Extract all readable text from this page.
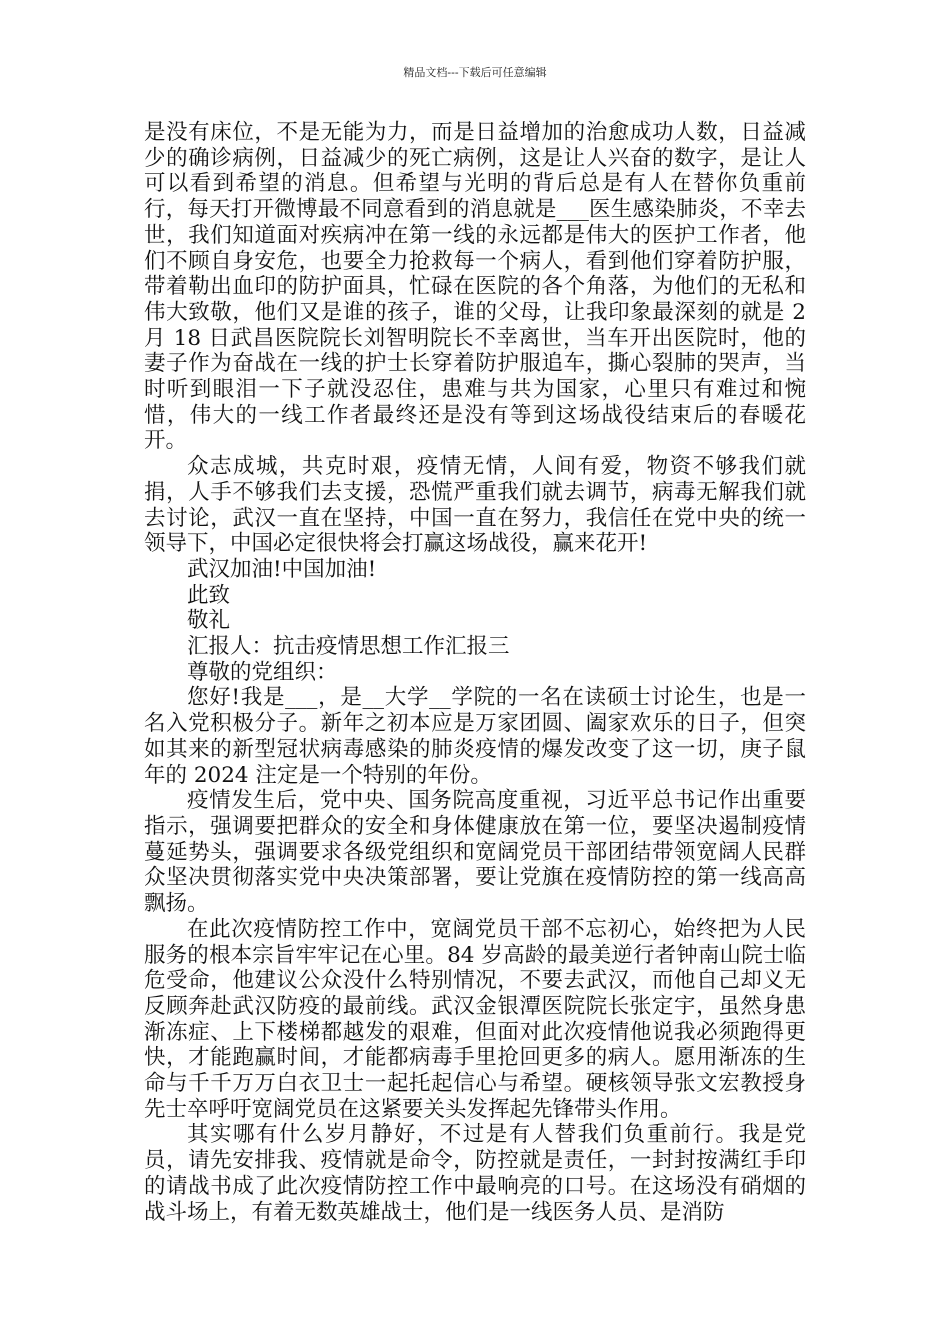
精品文档---下载后可任意编辑

是没有床位，不是无能为力，而是日益增加的治愈成功人数，日益减少的确诊病例，日益减少的死亡病例，这是让人兴奋的数字，是让人可以看到希望的消息。但希望与光明的背后总是有人在替你负重前行，每天打开微博最不同意看到的消息就是___医生感染肺炎，不幸去世，我们知道面对疾病冲在第一线的永远都是伟大的医护工作者，他们不顾自身安危，也要全力抢救每一个病人，看到他们穿着防护服，带着勒出血印的防护面具，忙碌在医院的各个角落，为他们的无私和伟大致敬，他们又是谁的孩子，谁的父母，让我印象最深刻的就是 2 月 18 日武昌医院院长刘智明院长不幸离世，当车开出医院时，他的妻子作为奋战在一线的护士长穿着防护服追车，撕心裂肺的哭声，当时听到眼泪一下子就没忍住，患难与共为国家，心里只有难过和惋惜，伟大的一线工作者最终还是没有等到这场战役结束后的春暖花开。

众志成城，共克时艰，疫情无情，人间有爱，物资不够我们就捐，人手不够我们去支援，恐慌严重我们就去调节，病毒无解我们就去讨论，武汉一直在坚持，中国一直在努力，我信任在党中央的统一领导下，中国必定很快将会打赢这场战役，赢来花开!

武汉加油!中国加油!

此致

敬礼

汇报人：抗击疫情思想工作汇报三

尊敬的党组织：

您好!我是___，是__大学__学院的一名在读硕士讨论生，也是一名入党积极分子。新年之初本应是万家团圆、阖家欢乐的日子，但突如其来的新型冠状病毒感染的肺炎疫情的爆发改变了这一切，庚子鼠年的 2024 注定是一个特别的年份。

疫情发生后，党中央、国务院高度重视，习近平总书记作出重要指示，强调要把群众的安全和身体健康放在第一位，要坚决遏制疫情蔓延势头，强调要求各级党组织和宽阔党员干部团结带领宽阔人民群众坚决贯彻落实党中央决策部署，要让党旗在疫情防控的第一线高高飘扬。

在此次疫情防控工作中，宽阔党员干部不忘初心，始终把为人民服务的根本宗旨牢牢记在心里。84 岁高龄的最美逆行者钟南山院士临危受命，他建议公众没什么特别情况，不要去武汉，而他自己却义无反顾奔赴武汉防疫的最前线。武汉金银潭医院院长张定宇，虽然身患渐冻症、上下楼梯都越发的艰难，但面对此次疫情他说我必须跑得更快，才能跑赢时间，才能都病毒手里抢回更多的病人。愿用渐冻的生命与千千万万白衣卫士一起托起信心与希望。硬核领导张文宏教授身先士卒呼吁宽阔党员在这紧要关头发挥起先锋带头作用。

其实哪有什么岁月静好，不过是有人替我们负重前行。我是党员，请先安排我、疫情就是命令，防控就是责任，一封封按满红手印的请战书成了此次疫情防控工作中最响亮的口号。在这场没有硝烟的战斗场上，有着无数英雄战士，他们是一线医务人员、是消防
